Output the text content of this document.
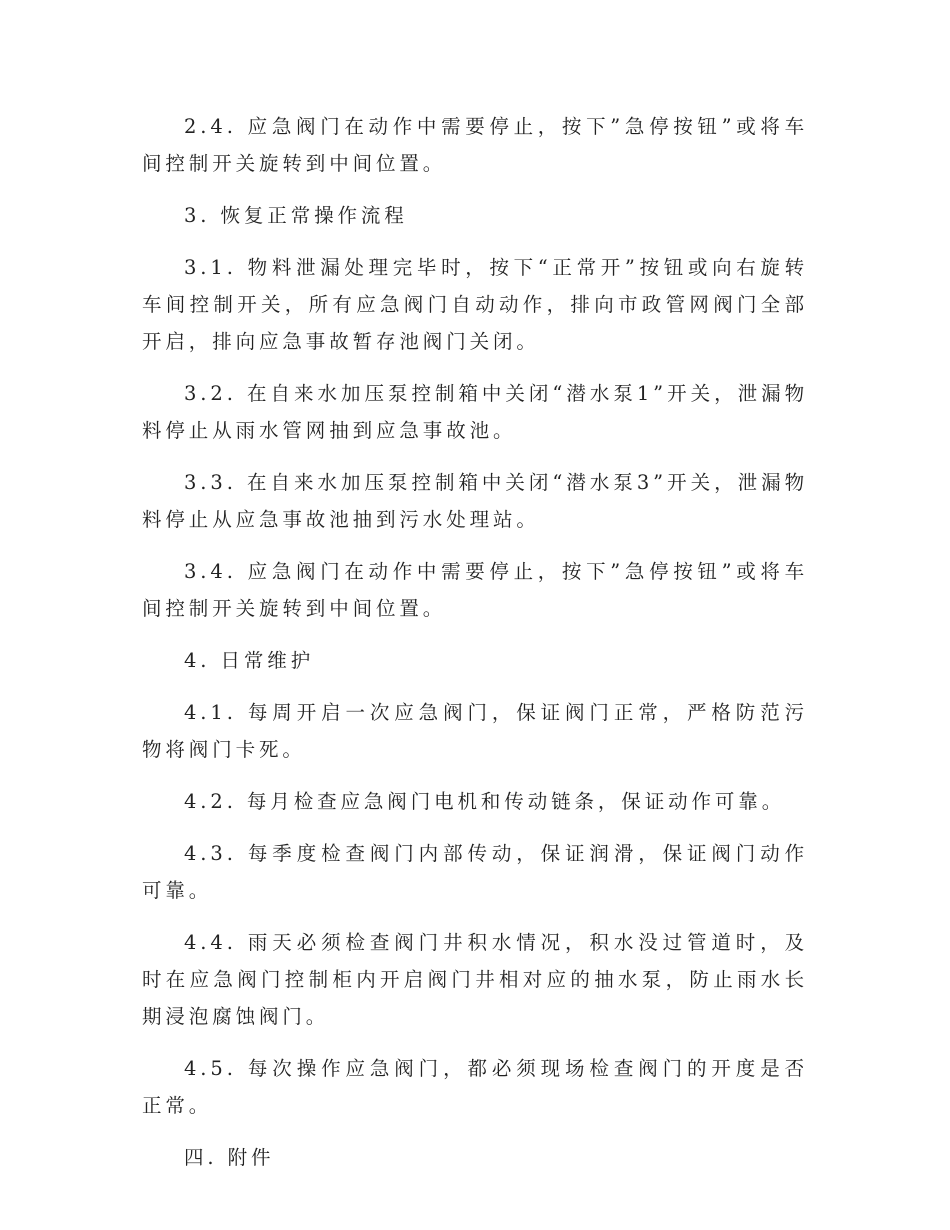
2.4. 应急阀门在动作中需要停止，按下”急停按钮”或将车间控制开关旋转到中间位置。

3. 恢复正常操作流程

3.1. 物料泄漏处理完毕时，按下“正常开”按钮或向右旋转车间控制开关，所有应急阀门自动动作，排向市政管网阀门全部开启，排向应急事故暂存池阀门关闭。

3.2. 在自来水加压泵控制箱中关闭“潜水泵1”开关，泄漏物料停止从雨水管网抽到应急事故池。

3.3. 在自来水加压泵控制箱中关闭“潜水泵3”开关，泄漏物料停止从应急事故池抽到污水处理站。

3.4. 应急阀门在动作中需要停止，按下”急停按钮”或将车间控制开关旋转到中间位置。

4. 日常维护

4.1. 每周开启一次应急阀门，保证阀门正常，严格防范污物将阀门卡死。

4.2. 每月检查应急阀门电机和传动链条，保证动作可靠。

4.3. 每季度检查阀门内部传动，保证润滑，保证阀门动作可靠。

4.4. 雨天必须检查阀门井积水情况，积水没过管道时，及时在应急阀门控制柜内开启阀门井相对应的抽水泵，防止雨水长期浸泡腐蚀阀门。

4.5. 每次操作应急阀门，都必须现场检查阀门的开度是否正常。

四. 附件
